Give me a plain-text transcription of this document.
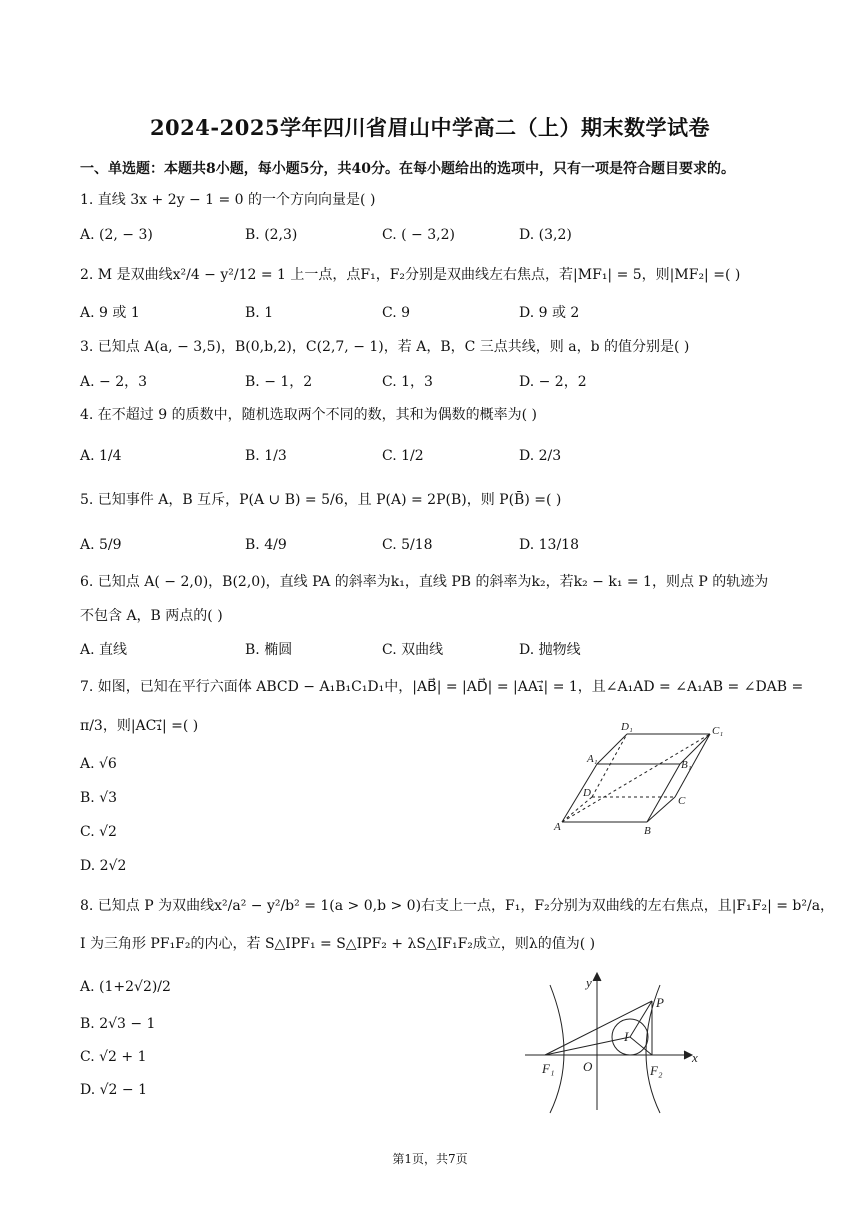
2024-2025学年四川省眉山中学高二（上）期末数学试卷
一、单选题：本题共8小题，每小题5分，共40分。在每小题给出的选项中，只有一项是符合题目要求的。
1. 直线 3x + 2y − 1 = 0 的一个方向向量是( )
A. (2, − 3)	B. (2,3)	C. ( − 3,2)	D. (3,2)
2. M 是双曲线x²/4 − y²/12 = 1 上一点，点F₁，F₂分别是双曲线左右焦点，若|MF₁| = 5，则|MF₂| =( )
A. 9 或 1	B. 1	C. 9	D. 9 或 2
3. 已知点 A(a, − 3,5)，B(0,b,2)，C(2,7, − 1)，若 A，B，C 三点共线，则 a，b 的值分别是( )
A. − 2，3	B. − 1，2	C. 1，3	D. − 2，2
4. 在不超过 9 的质数中，随机选取两个不同的数，其和为偶数的概率为( )
A. 1/4	B. 1/3	C. 1/2	D. 2/3
5. 已知事件 A，B 互斥，P(A ∪ B) = 5/6，且 P(A) = 2P(B)，则 P(B̄) =( )
A. 5/9	B. 4/9	C. 5/18	D. 13/18
6. 已知点 A( − 2,0)，B(2,0)，直线 PA 的斜率为k₁，直线 PB 的斜率为k₂，若k₂ − k₁ = 1，则点 P 的轨迹为
不包含 A，B 两点的( )
A. 直线	B. 椭圆	C. 双曲线	D. 抛物线
7. 如图，已知在平行六面体 ABCD − A₁B₁C₁D₁中，|AB⃗| = |AD⃗| = |AA₁⃗| = 1，且∠A₁AD = ∠A₁AB = ∠DAB =
π/3，则|AC₁⃗| =( )
A. √6
B. √3
C. √2
D. 2√2
A	B
C
D
A₁	B₁
C₁
D₁
8. 已知点 P 为双曲线x²/a² − y²/b² = 1(a > 0,b > 0)右支上一点，F₁，F₂分别为双曲线的左右焦点，且|F₁F₂| = b²/a，
I 为三角形 PF₁F₂的内心，若 S△IPF₁ = S△IPF₂ + λS△IF₁F₂成立，则λ的值为( )
A. (1+2√2)/2
B. 2√3 − 1
C. √2 + 1
D. √2 − 1
y
x
P
I
O
F₁	F₂
第1页，共7页
